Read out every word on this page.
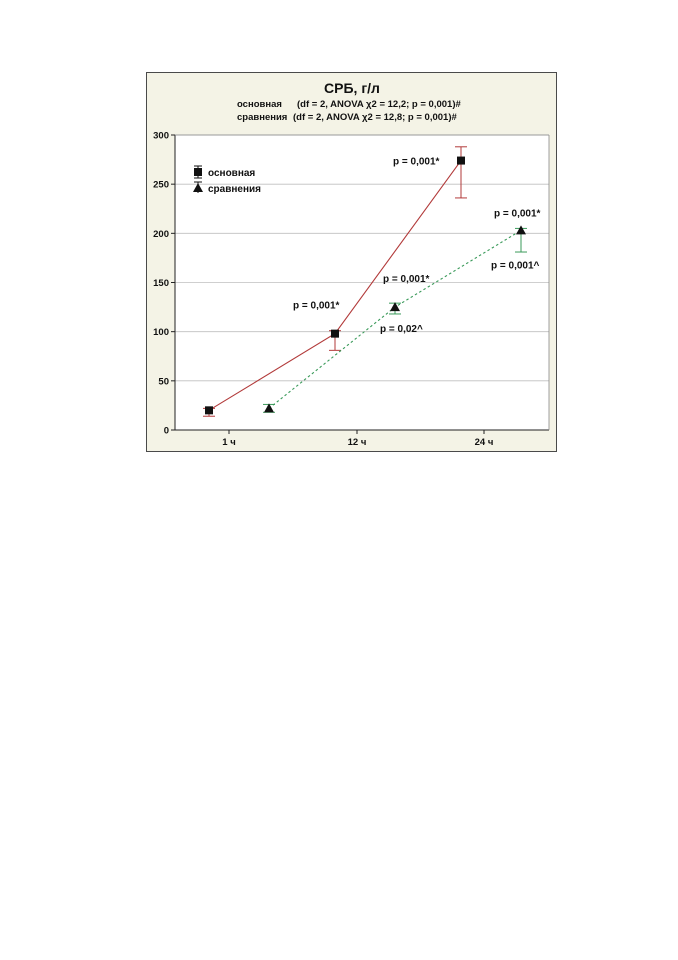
СРБ, г/л
основная (df = 2, ANOVA χ2 = 12,2; p = 0,001)#
сравнения (df = 2, ANOVA χ2 = 12,8; p = 0,001)#
0
50
100
150
200
250
300
1 ч	12 ч	24 ч
p = 0,001*
p = 0,001*
p = 0,001*
p = 0,02^
p = 0,001*
p = 0,001^
основная
сравнения
